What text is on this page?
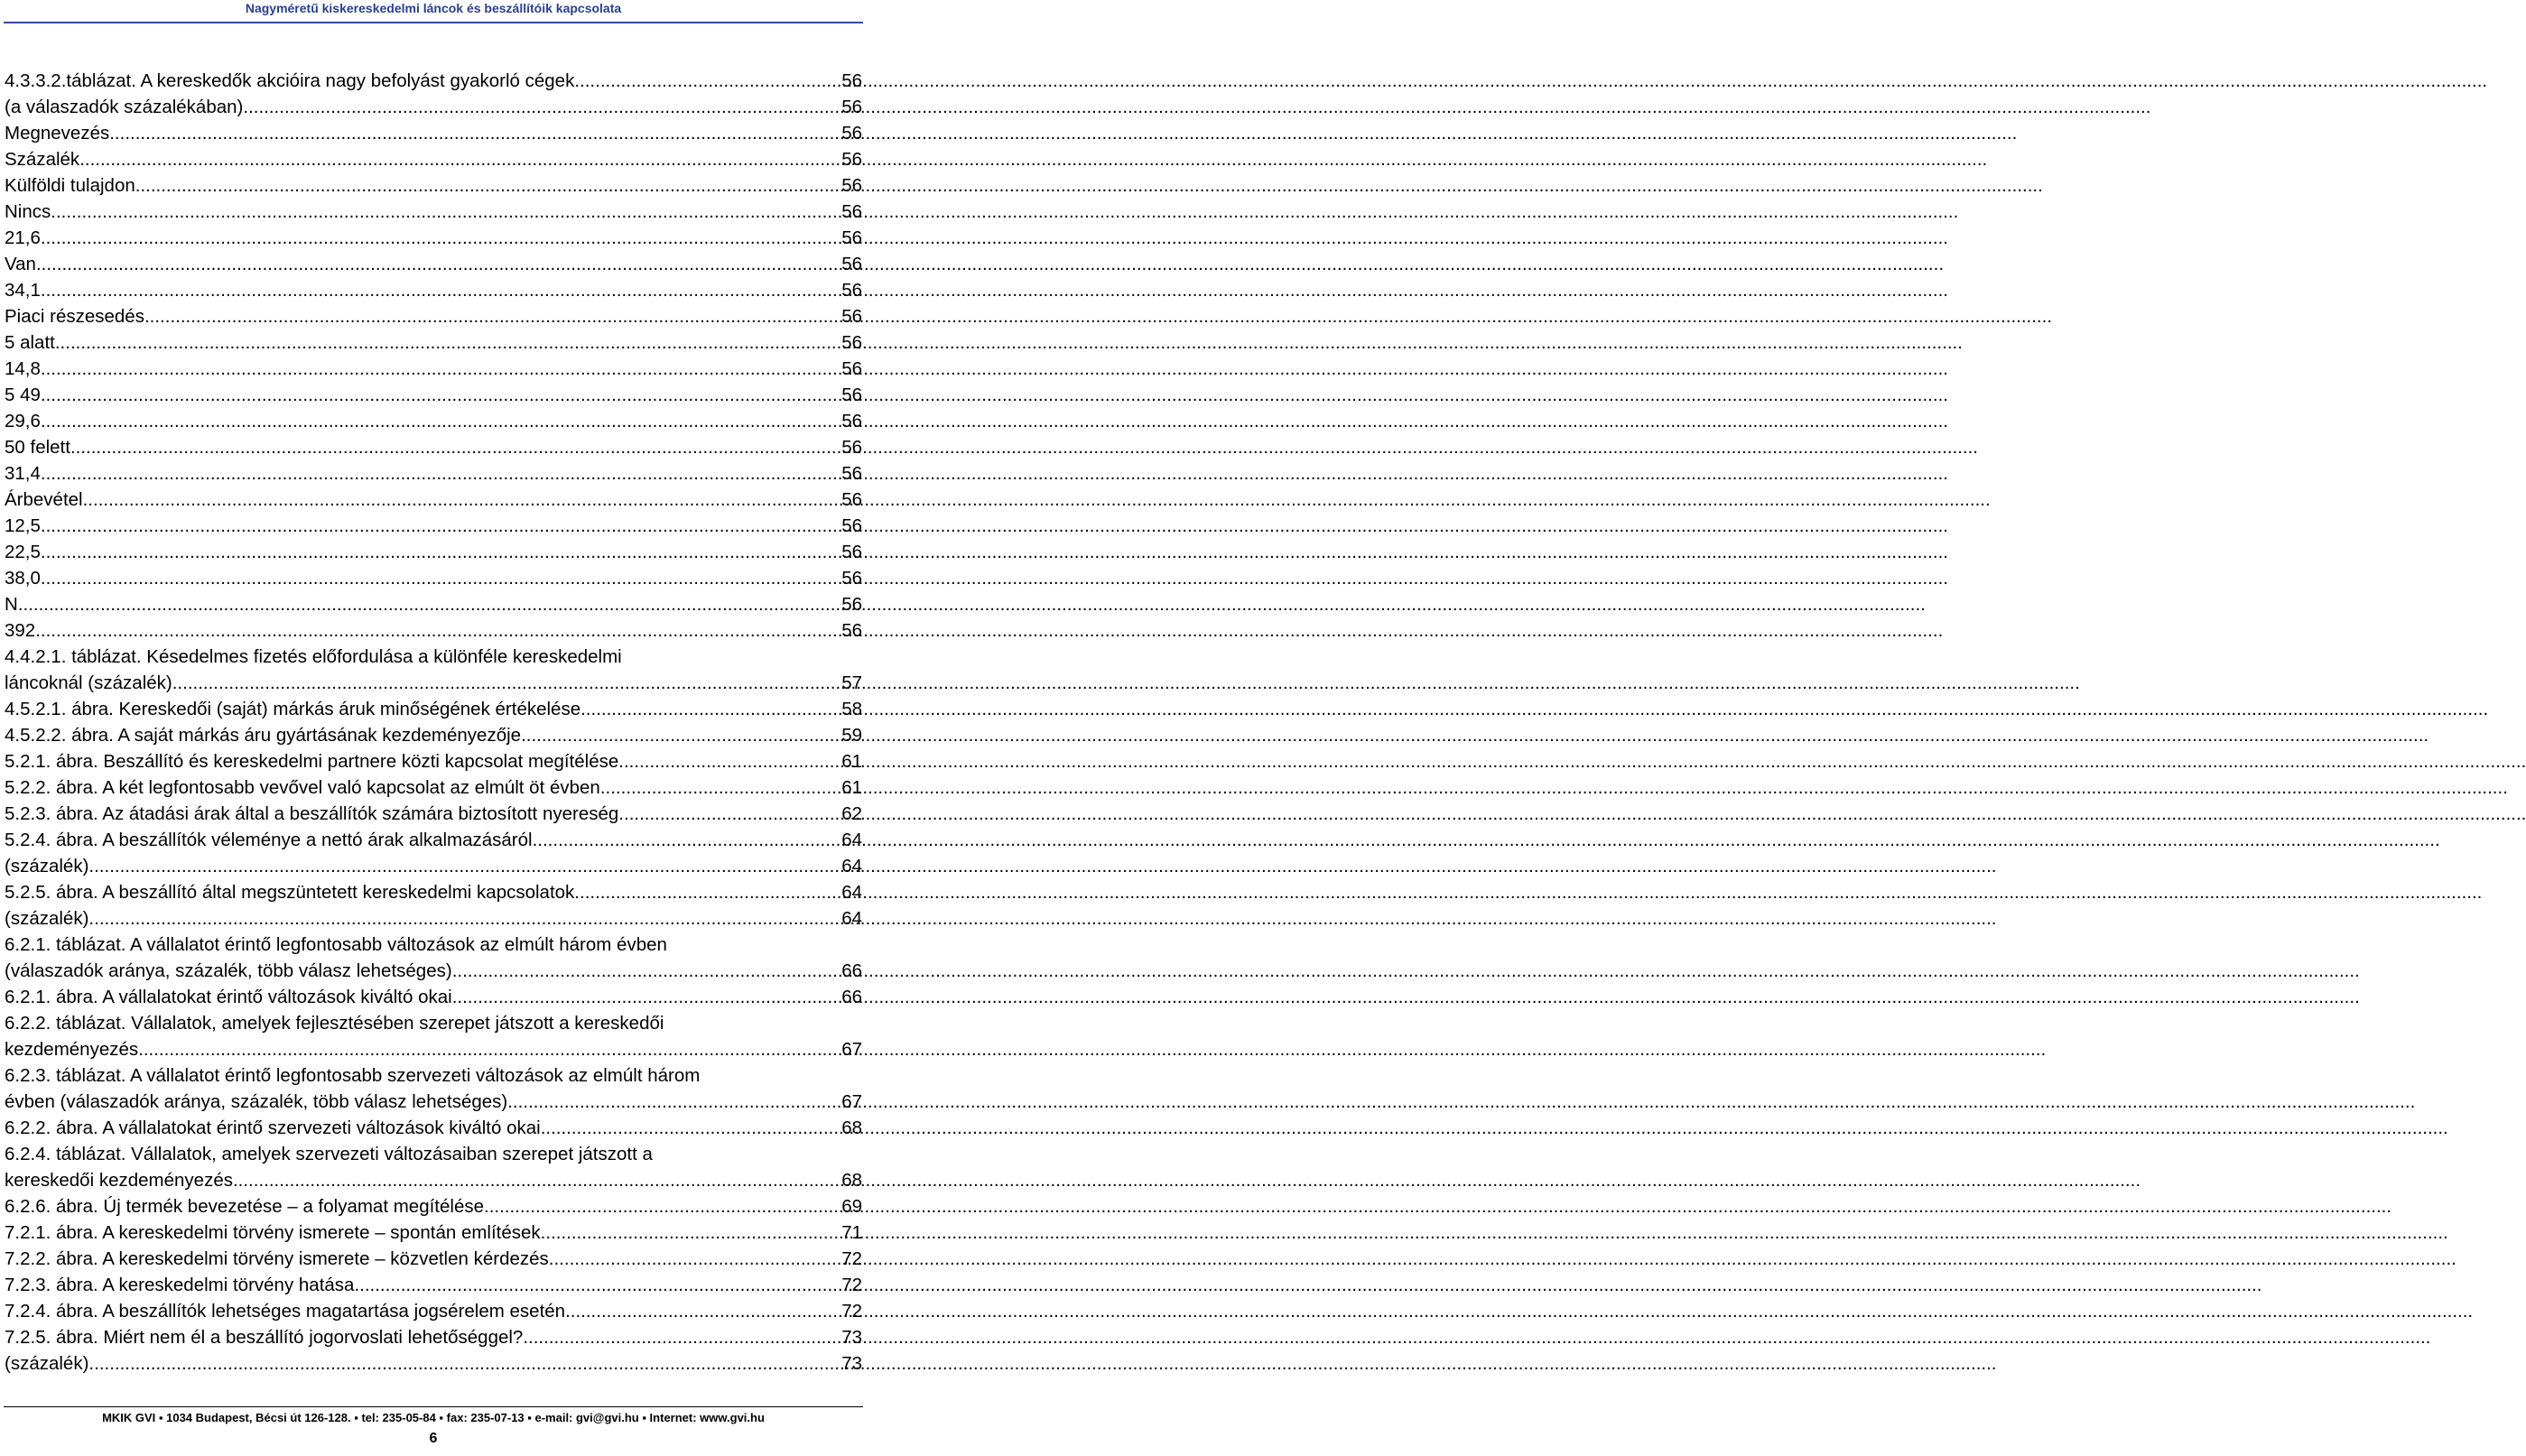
Nagyméretű kiskereskedelmi láncok és beszállítóik kapcsolata
4.3.3.2.táblázat. A kereskedők akcióira nagy befolyást gyakorló cégek. .....	56
(a válaszadók százalékában) .....	56
Megnevezés .....	56
Százalék .....	56
Külföldi tulajdon .....	56
Nincs .....	56
21,6 .....	56
Van .....	56
34,1 .....	56
Piaci részesedés .....	56
5 alatt .....	56
14,8 .....	56
5 49 .....	56
29,6 .....	56
50 felett .....	56
31,4 .....	56
Árbevétel .....	56
12,5 .....	56
22,5 .....	56
38,0 .....	56
N .....	56
392 .....	56
4.4.2.1. táblázat. Késedelmes fizetés előfordulása a különféle kereskedelmi
láncoknál (százalék) .....	57
4.5.2.1. ábra. Kereskedői (saját) márkás áruk minőségének értékelése .....	58
4.5.2.2. ábra. A saját márkás áru gyártásának kezdeményezője .....	59
5.2.1. ábra. Beszállító és kereskedelmi partnere közti kapcsolat megítélése .....	61
5.2.2. ábra. A két legfontosabb vevővel való kapcsolat az elmúlt öt évben .....	61
5.2.3. ábra. Az átadási árak által a beszállítók számára biztosított nyereség .....	62
5.2.4. ábra. A beszállítók véleménye a nettó árak alkalmazásáról .....	64
(százalék) .....	64
5.2.5. ábra. A beszállító által megszüntetett kereskedelmi kapcsolatok .....	64
(százalék) .....	64
6.2.1. táblázat. A vállalatot érintő legfontosabb változások az elmúlt három évben
(válaszadók aránya, százalék, több válasz lehetséges) .....	66
6.2.1. ábra. A vállalatokat érintő változások kiváltó okai .....	66
6.2.2. táblázat. Vállalatok, amelyek fejlesztésében szerepet játszott a kereskedői
kezdeményezés .....	67
6.2.3. táblázat. A vállalatot érintő legfontosabb szervezeti változások az elmúlt három
évben (válaszadók aránya, százalék, több válasz lehetséges) .....	67
6.2.2. ábra. A vállalatokat érintő szervezeti változások kiváltó okai .....	68
6.2.4. táblázat. Vállalatok, amelyek szervezeti változásaiban szerepet játszott a
kereskedői kezdeményezés .....	68
6.2.6. ábra. Új termék bevezetése – a folyamat megítélése .....	69
7.2.1. ábra. A kereskedelmi törvény ismerete – spontán említések .....	71
7.2.2. ábra. A kereskedelmi törvény ismerete – közvetlen kérdezés .....	72
7.2.3. ábra. A kereskedelmi törvény hatása .....	72
7.2.4. ábra. A beszállítók lehetséges magatartása jogsérelem esetén .....	72
7.2.5. ábra. Miért nem él a beszállító jogorvoslati lehetőséggel? .....	73
(százalék) .....	73
MKIK GVI ▪ 1034 Budapest, Bécsi út 126-128. ▪ tel: 235-05-84 ▪ fax: 235-07-13 ▪ e-mail: gvi@gvi.hu ▪ Internet: www.gvi.hu
6
